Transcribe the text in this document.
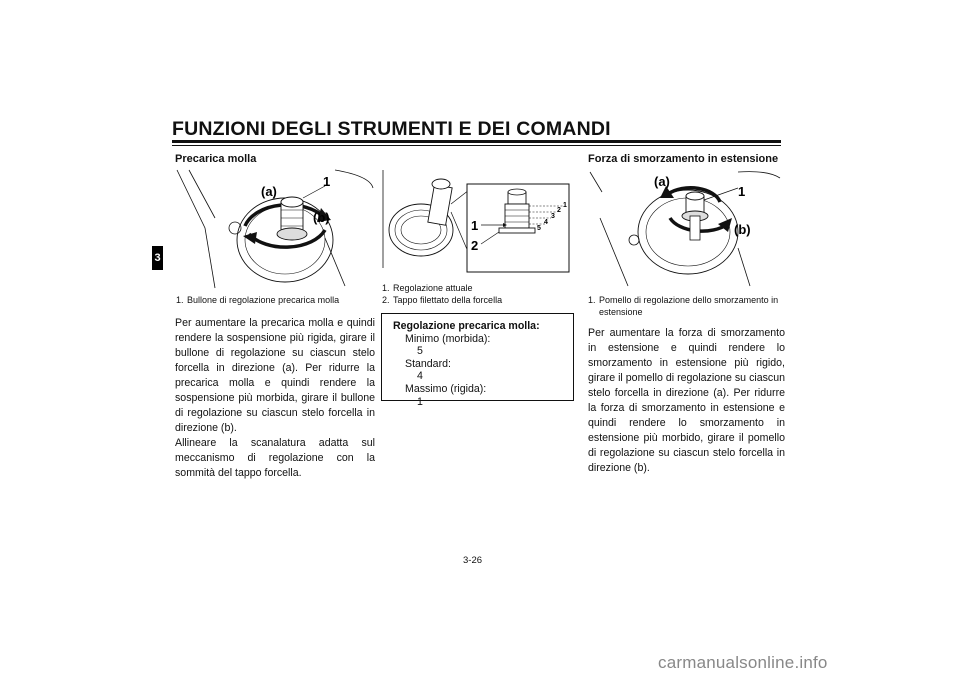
FUNZIONI DEGLI STRUMENTI E DEI COMANDI
3
Precarica molla
(a)
1
(b)
1. Bullone di regolazione precarica molla

Per aumentare la precarica molla e quindi rendere la sospensione più rigida, girare il bullone di regolazione su ciascun stelo forcella in direzione (a). Per ridurre la precarica molla e quindi rendere la sospensione più morbida, girare il bullone di regolazione su ciascun stelo forcella in direzione (b).

Allineare la scanalatura adatta sul meccanismo di regolazione con la sommità del tappo forcella.

5
4
3
2
1
1
2
1. Regolazione attuale
2. Tappo filettato della forcella
Regolazione precarica molla:
Minimo (morbida):
5
Standard:
4
Massimo (rigida):
1
Forza di smorzamento in estensione
(a)
1
(b)
1. Pomello di regolazione dello smorzamento in
estensione

Per aumentare la forza di smorzamento in estensione e quindi rendere lo smorzamento in estensione più rigido, girare il pomello di regolazione su ciascun stelo forcella in direzione (a). Per ridurre la forza di smorzamento in estensione e quindi rendere lo smorzamento in estensione più morbido, girare il pomello di regolazione su ciascun stelo forcella in direzione (b).

3-26
carmanualsonline.info
